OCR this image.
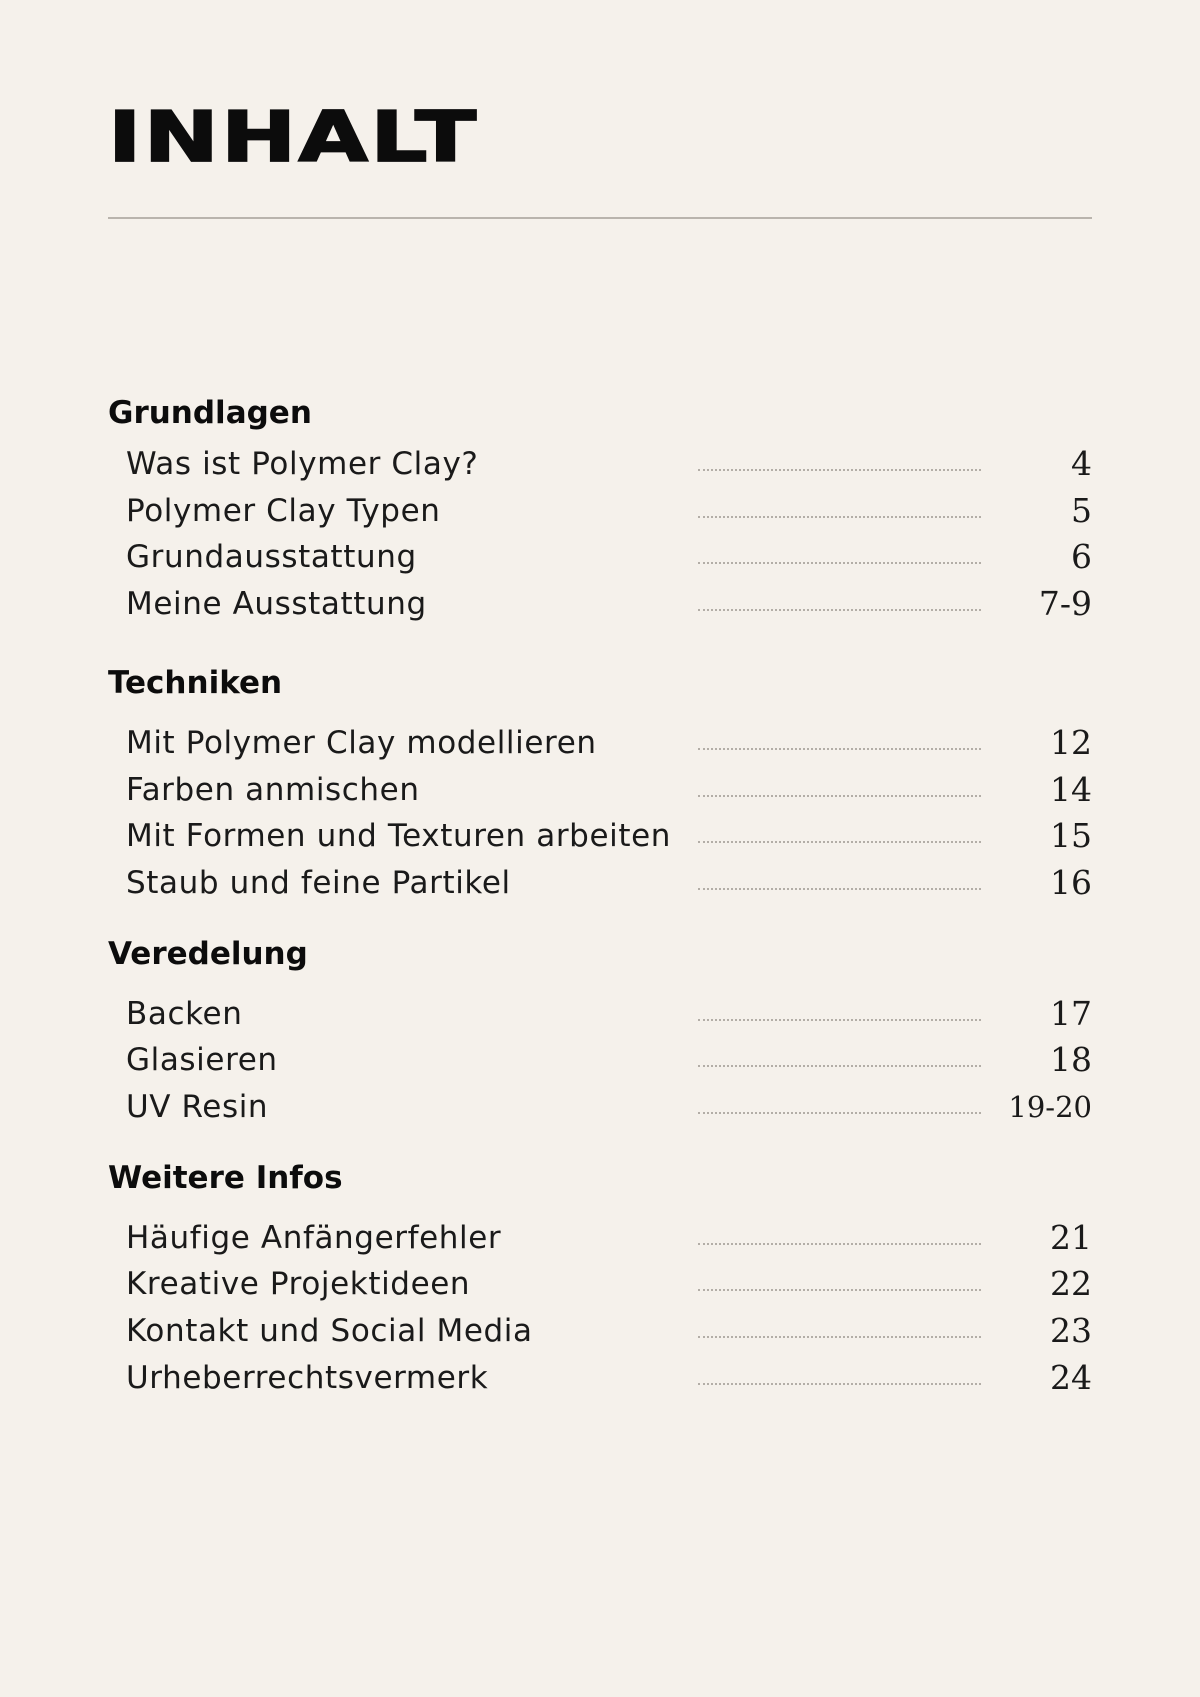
INHALT
Grundlagen
Was ist Polymer Clay?	4
Polymer Clay Typen	5
Grundausstattung	6
Meine Ausstattung	7-9
Techniken
Mit Polymer Clay modellieren	12
Farben anmischen	14
Mit Formen und Texturen arbeiten	15
Staub und feine Partikel	16
Veredelung
Backen	17
Glasieren	18
UV Resin	19-20
Weitere Infos
Häufige Anfängerfehler	21
Kreative Projektideen	22
Kontakt und Social Media	23
Urheberrechtsvermerk	24
